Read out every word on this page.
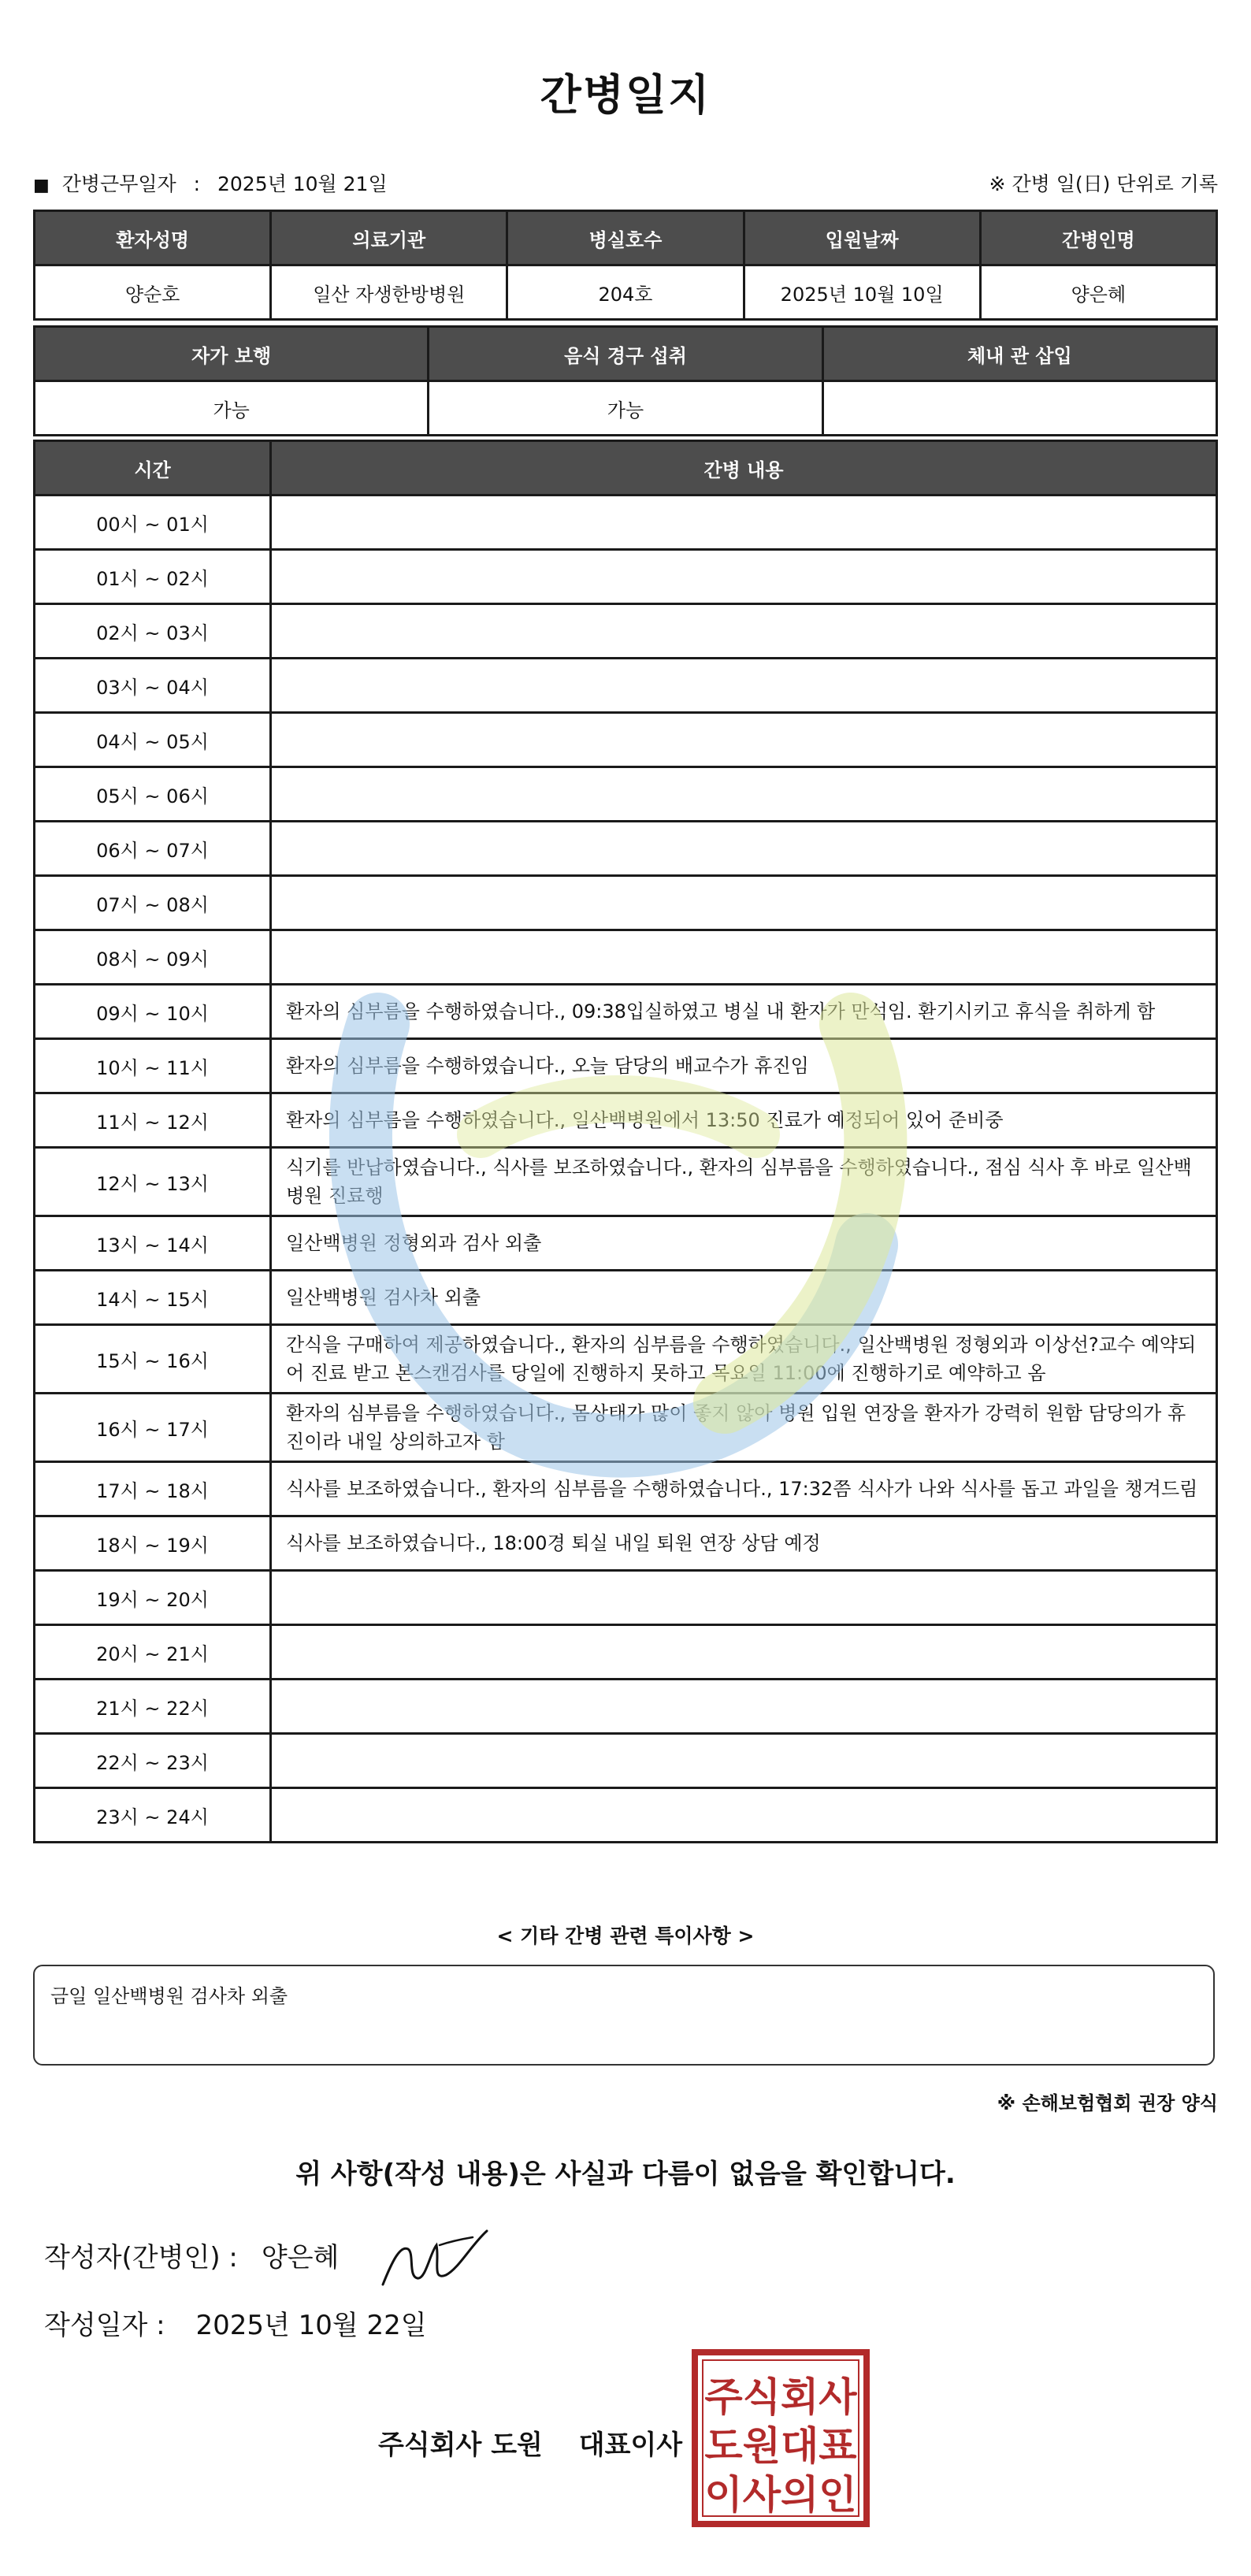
간병일지
■ 간병근무일자 : 2025년 10월 21일	※ 간병 일(日) 단위로 기록
환자성명	의료기관	병실호수	입원날짜	간병인명
양순호	일산 자생한방병원	204호	2025년 10월 10일	양은혜
자가 보행	음식 경구 섭취	체내 관 삽입
가능	가능	
시간	간병 내용
00시 ~ 01시	
01시 ~ 02시	
02시 ~ 03시	
03시 ~ 04시	
04시 ~ 05시	
05시 ~ 06시	
06시 ~ 07시	
07시 ~ 08시	
08시 ~ 09시	
09시 ~ 10시	환자의 심부름을 수행하였습니다., 09:38입실하였고 병실 내 환자가 만석임. 환기시키고 휴식을 취하게 함
10시 ~ 11시	환자의 심부름을 수행하였습니다., 오늘 담당의 배교수가 휴진임
11시 ~ 12시	환자의 심부름을 수행하였습니다., 일산백병원에서 13:50 진료가 예정되어 있어 준비중
12시 ~ 13시	식기를 반납하였습니다., 식사를 보조하였습니다., 환자의 심부름을 수행하였습니다., 점심 식사 후 바로 일산백병원 진료행
13시 ~ 14시	일산백병원 정형외과 검사 외출
14시 ~ 15시	일산백병원 검사차 외출
15시 ~ 16시	간식을 구매하여 제공하였습니다., 환자의 심부름을 수행하였습니다., 일산백병원 정형외과 이상선?교수 예약되어 진료 받고 본스캔검사를 당일에 진행하지 못하고 목요일 11:00에 진행하기로 예약하고 옴
16시 ~ 17시	환자의 심부름을 수행하였습니다., 몸상태가 많이 좋지 않아 병원 입원 연장을 환자가 강력히 원함 담당의가 휴진이라 내일 상의하고자 함
17시 ~ 18시	식사를 보조하였습니다., 환자의 심부름을 수행하였습니다., 17:32쯤 식사가 나와 식사를 돕고 과일을 챙겨드림
18시 ~ 19시	식사를 보조하였습니다., 18:00경 퇴실 내일 퇴원 연장 상담 예정
19시 ~ 20시	
20시 ~ 21시	
21시 ~ 22시	
22시 ~ 23시	
23시 ~ 24시	
< 기타 간병 관련 특이사항 >
금일 일산백병원 검사차 외출
※ 손해보험협회 권장 양식
위 사항(작성 내용)은 사실과 다름이 없음을 확인합니다.
작성자(간병인) : 양은혜
작성일자 : 2025년 10월 22일
주식회사 도원 대표이사
주식회사
도원대표
이사의인
